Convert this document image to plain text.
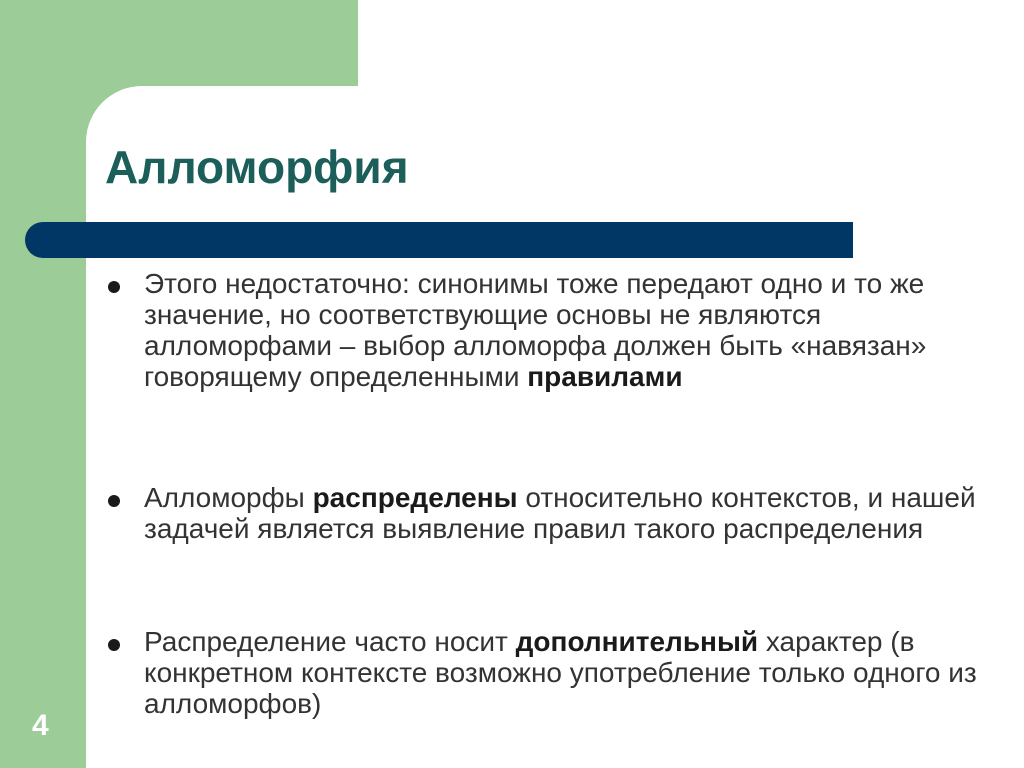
Алломорфия

Этого недостаточно: синонимы тоже передают одно и то же значение, но соответствующие основы не являются алломорфами – выбор алломорфа должен быть «навязан» говорящему определенными правилами

Алломорфы распределены относительно контекстов, и нашей задачей является выявление правил такого распределения

Распределение часто носит дополнительный характер (в конкретном контексте возможно употребление только одного из алломорфов)

4
